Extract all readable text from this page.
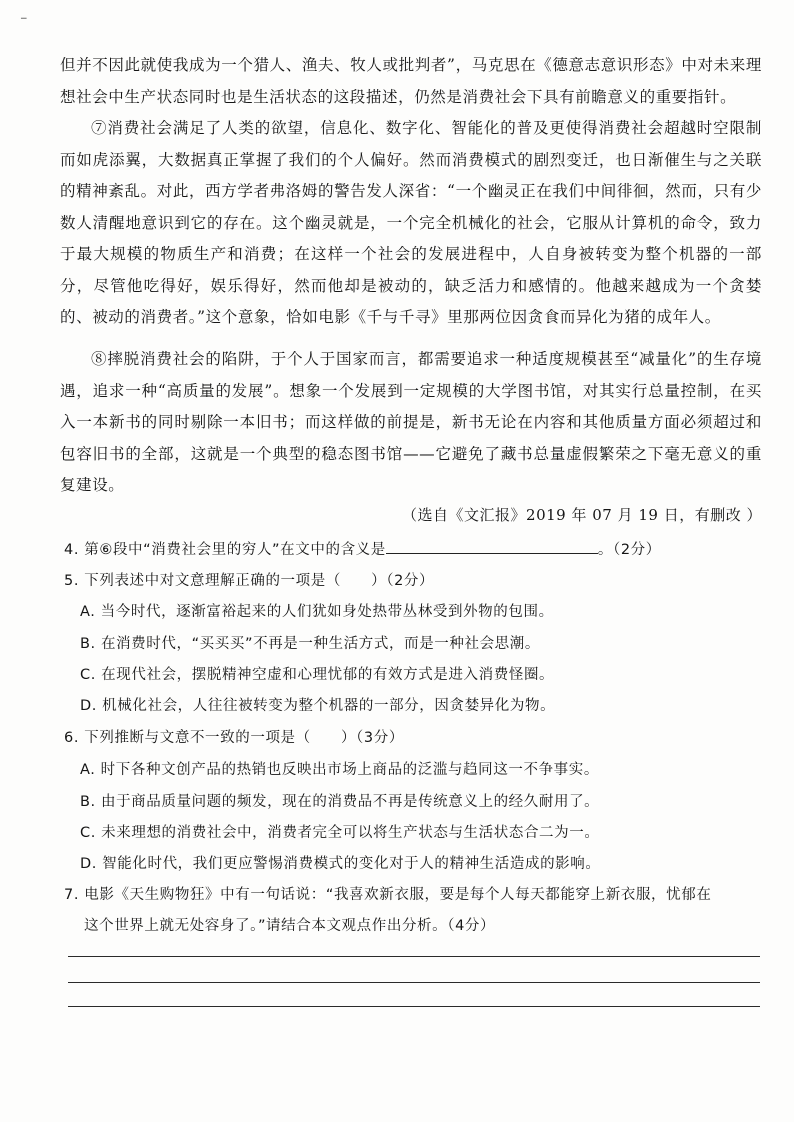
−
但并不因此就使我成为一个猎人、渔夫、牧人或批判者”，马克思在《德意志意识形态》中对未来理想社会中生产状态同时也是生活状态的这段描述，仍然是消费社会下具有前瞻意义的重要指针。
⑦消费社会满足了人类的欲望，信息化、数字化、智能化的普及更使得消费社会超越时空限制而如虎添翼，大数据真正掌握了我们的个人偏好。然而消费模式的剧烈变迁，也日渐催生与之关联的精神紊乱。对此，西方学者弗洛姆的警告发人深省：“一个幽灵正在我们中间徘徊，然而，只有少数人清醒地意识到它的存在。这个幽灵就是，一个完全机械化的社会，它服从计算机的命令，致力于最大规模的物质生产和消费；在这样一个社会的发展进程中，人自身被转变为整个机器的一部分，尽管他吃得好，娱乐得好，然而他却是被动的，缺乏活力和感情的。他越来越成为一个贪婪的、被动的消费者。”这个意象，恰如电影《千与千寻》里那两位因贪食而异化为猪的成年人。
⑧摔脱消费社会的陷阱，于个人于国家而言，都需要追求一种适度规模甚至“减量化”的生存境遇，追求一种“高质量的发展”。想象一个发展到一定规模的大学图书馆，对其实行总量控制，在买入一本新书的同时剔除一本旧书；而这样做的前提是，新书无论在内容和其他质量方面必须超过和包容旧书的全部，这就是一个典型的稳态图书馆——它避免了藏书总量虚假繁荣之下毫无意义的重复建设。
（选自《文汇报》2019 年 07 月 19 日，有删改 ）
4. 第⑥段中“消费社会里的穷人”在文中的含义是	。（2分）
5. 下列表述中对文意理解正确的一项是（　　）（2分）
A. 当今时代，逐渐富裕起来的人们犹如身处热带丛林受到外物的包围。
B. 在消费时代，“买买买”不再是一种生活方式，而是一种社会思潮。
C. 在现代社会，摆脱精神空虚和心理忧郁的有效方式是进入消费怪圈。
D. 机械化社会，人往往被转变为整个机器的一部分，因贪婪异化为物。
6. 下列推断与文意不一致的一项是（　　）（3分）
A. 时下各种文创产品的热销也反映出市场上商品的泛滥与趋同这一不争事实。
B. 由于商品质量问题的频发，现在的消费品不再是传统意义上的经久耐用了。
C. 未来理想的消费社会中，消费者完全可以将生产状态与生活状态合二为一。
D. 智能化时代，我们更应警惕消费模式的变化对于人的精神生活造成的影响。
7. 电影《天生购物狂》中有一句话说：“我喜欢新衣服，要是每个人每天都能穿上新衣服，忧郁在
这个世界上就无处容身了。”请结合本文观点作出分析。（4分）
